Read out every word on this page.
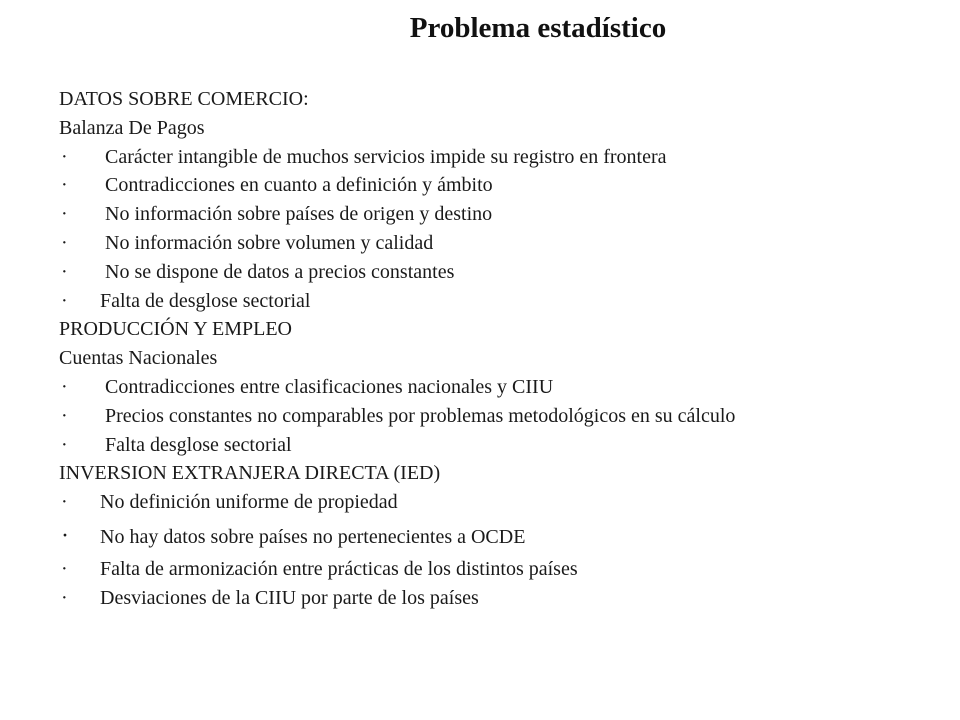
Problema estadístico
DATOS SOBRE COMERCIO:
Balanza De Pagos
· Carácter intangible de muchos servicios impide su registro en frontera
· Contradicciones en cuanto a definición y ámbito
· No información sobre países de origen y destino
· No información sobre volumen y calidad
· No se dispone de datos a precios constantes
· Falta de desglose sectorial
PRODUCCIÓN Y EMPLEO
Cuentas Nacionales
· Contradicciones entre clasificaciones nacionales y CIIU
· Precios constantes no comparables por problemas metodológicos en su cálculo
· Falta desglose sectorial
INVERSION EXTRANJERA DIRECTA (IED)
· No definición uniforme de propiedad
· No hay datos sobre países no pertenecientes a OCDE
· Falta de armonización entre prácticas de los distintos países
· Desviaciones de la CIIU por parte de los países
